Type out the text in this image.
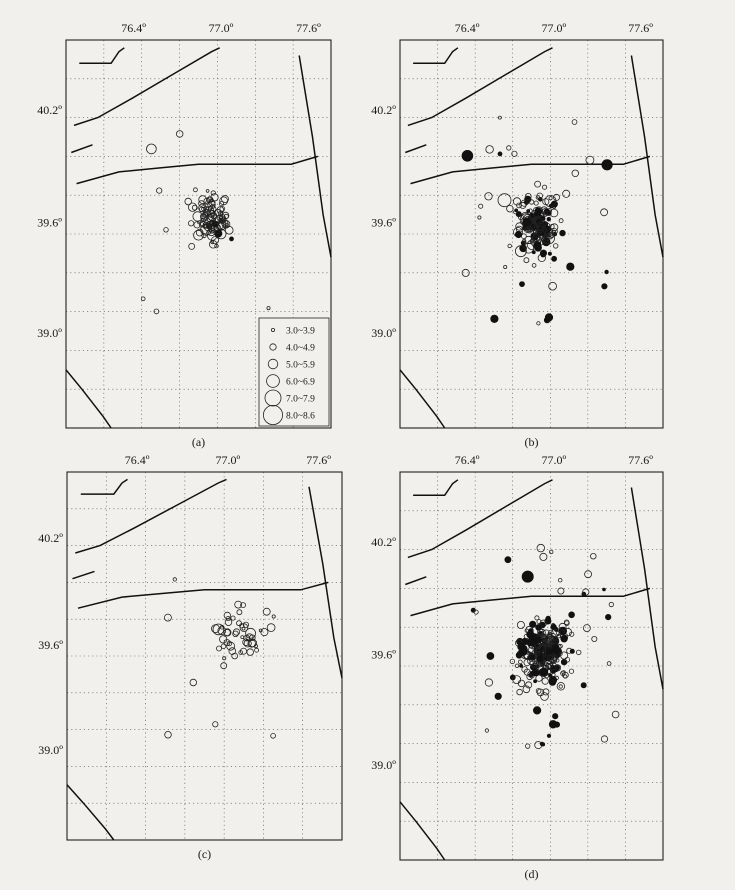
76.4º	77.0º	77.6º
40.2º
39.6º
39.0º	3.0~3.9
4.0~4.9
5.0~5.9
6.0~6.9
7.0~7.9
8.0~8.6
(a)
76.4º	77.0º	77.6º
40.2º
39.6º
39.0º
(b)
76.4º	77.0º	77.6º
40.2º
39.6º
39.0º
(c)
76.4º	77.0º	77.6º
40.2º
39.6º
39.0º
(d)
